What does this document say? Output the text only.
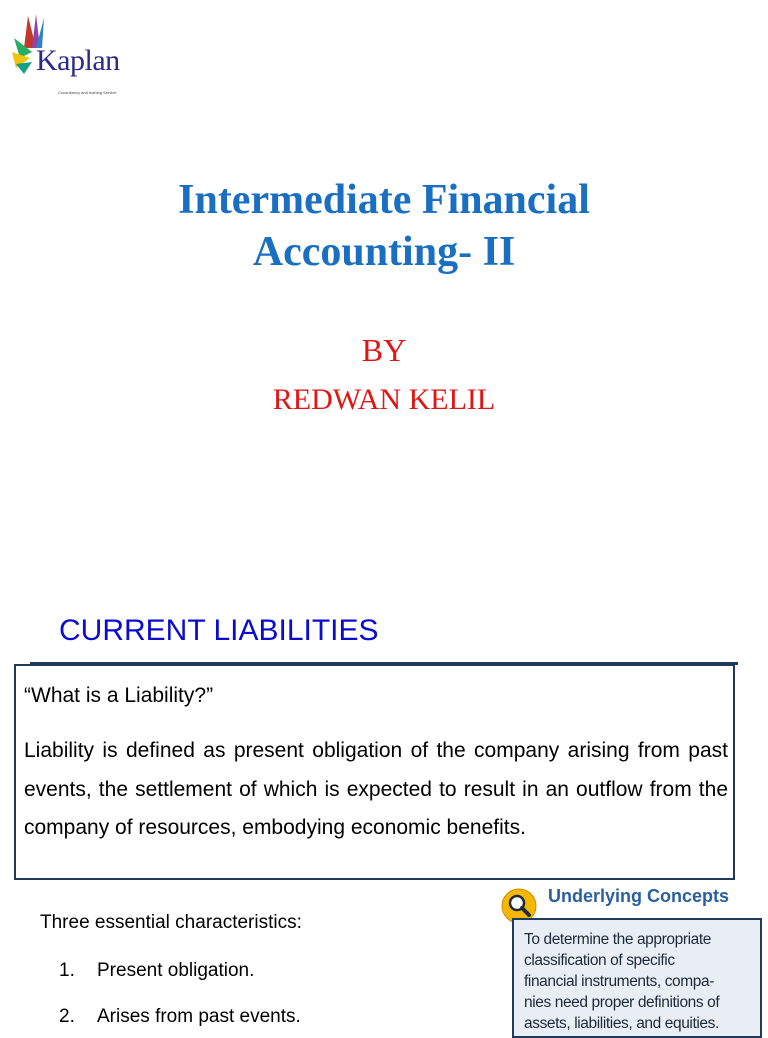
Kaplan
Consultancy and training Service
Intermediate Financial
Accounting- II
BY
REDWAN KELIL
CURRENT LIABILITIES
“What is a Liability?”
Liability is defined as present obligation of the company arising from past events, the settlement of which is expected to result in an outflow from the company of resources, embodying economic benefits.
Three essential characteristics:
1. Present obligation.
2. Arises from past events.
Underlying Concepts
To determine the appropriate
classification of specific
financial instruments, compa-
nies need proper definitions of
assets, liabilities, and equities.
